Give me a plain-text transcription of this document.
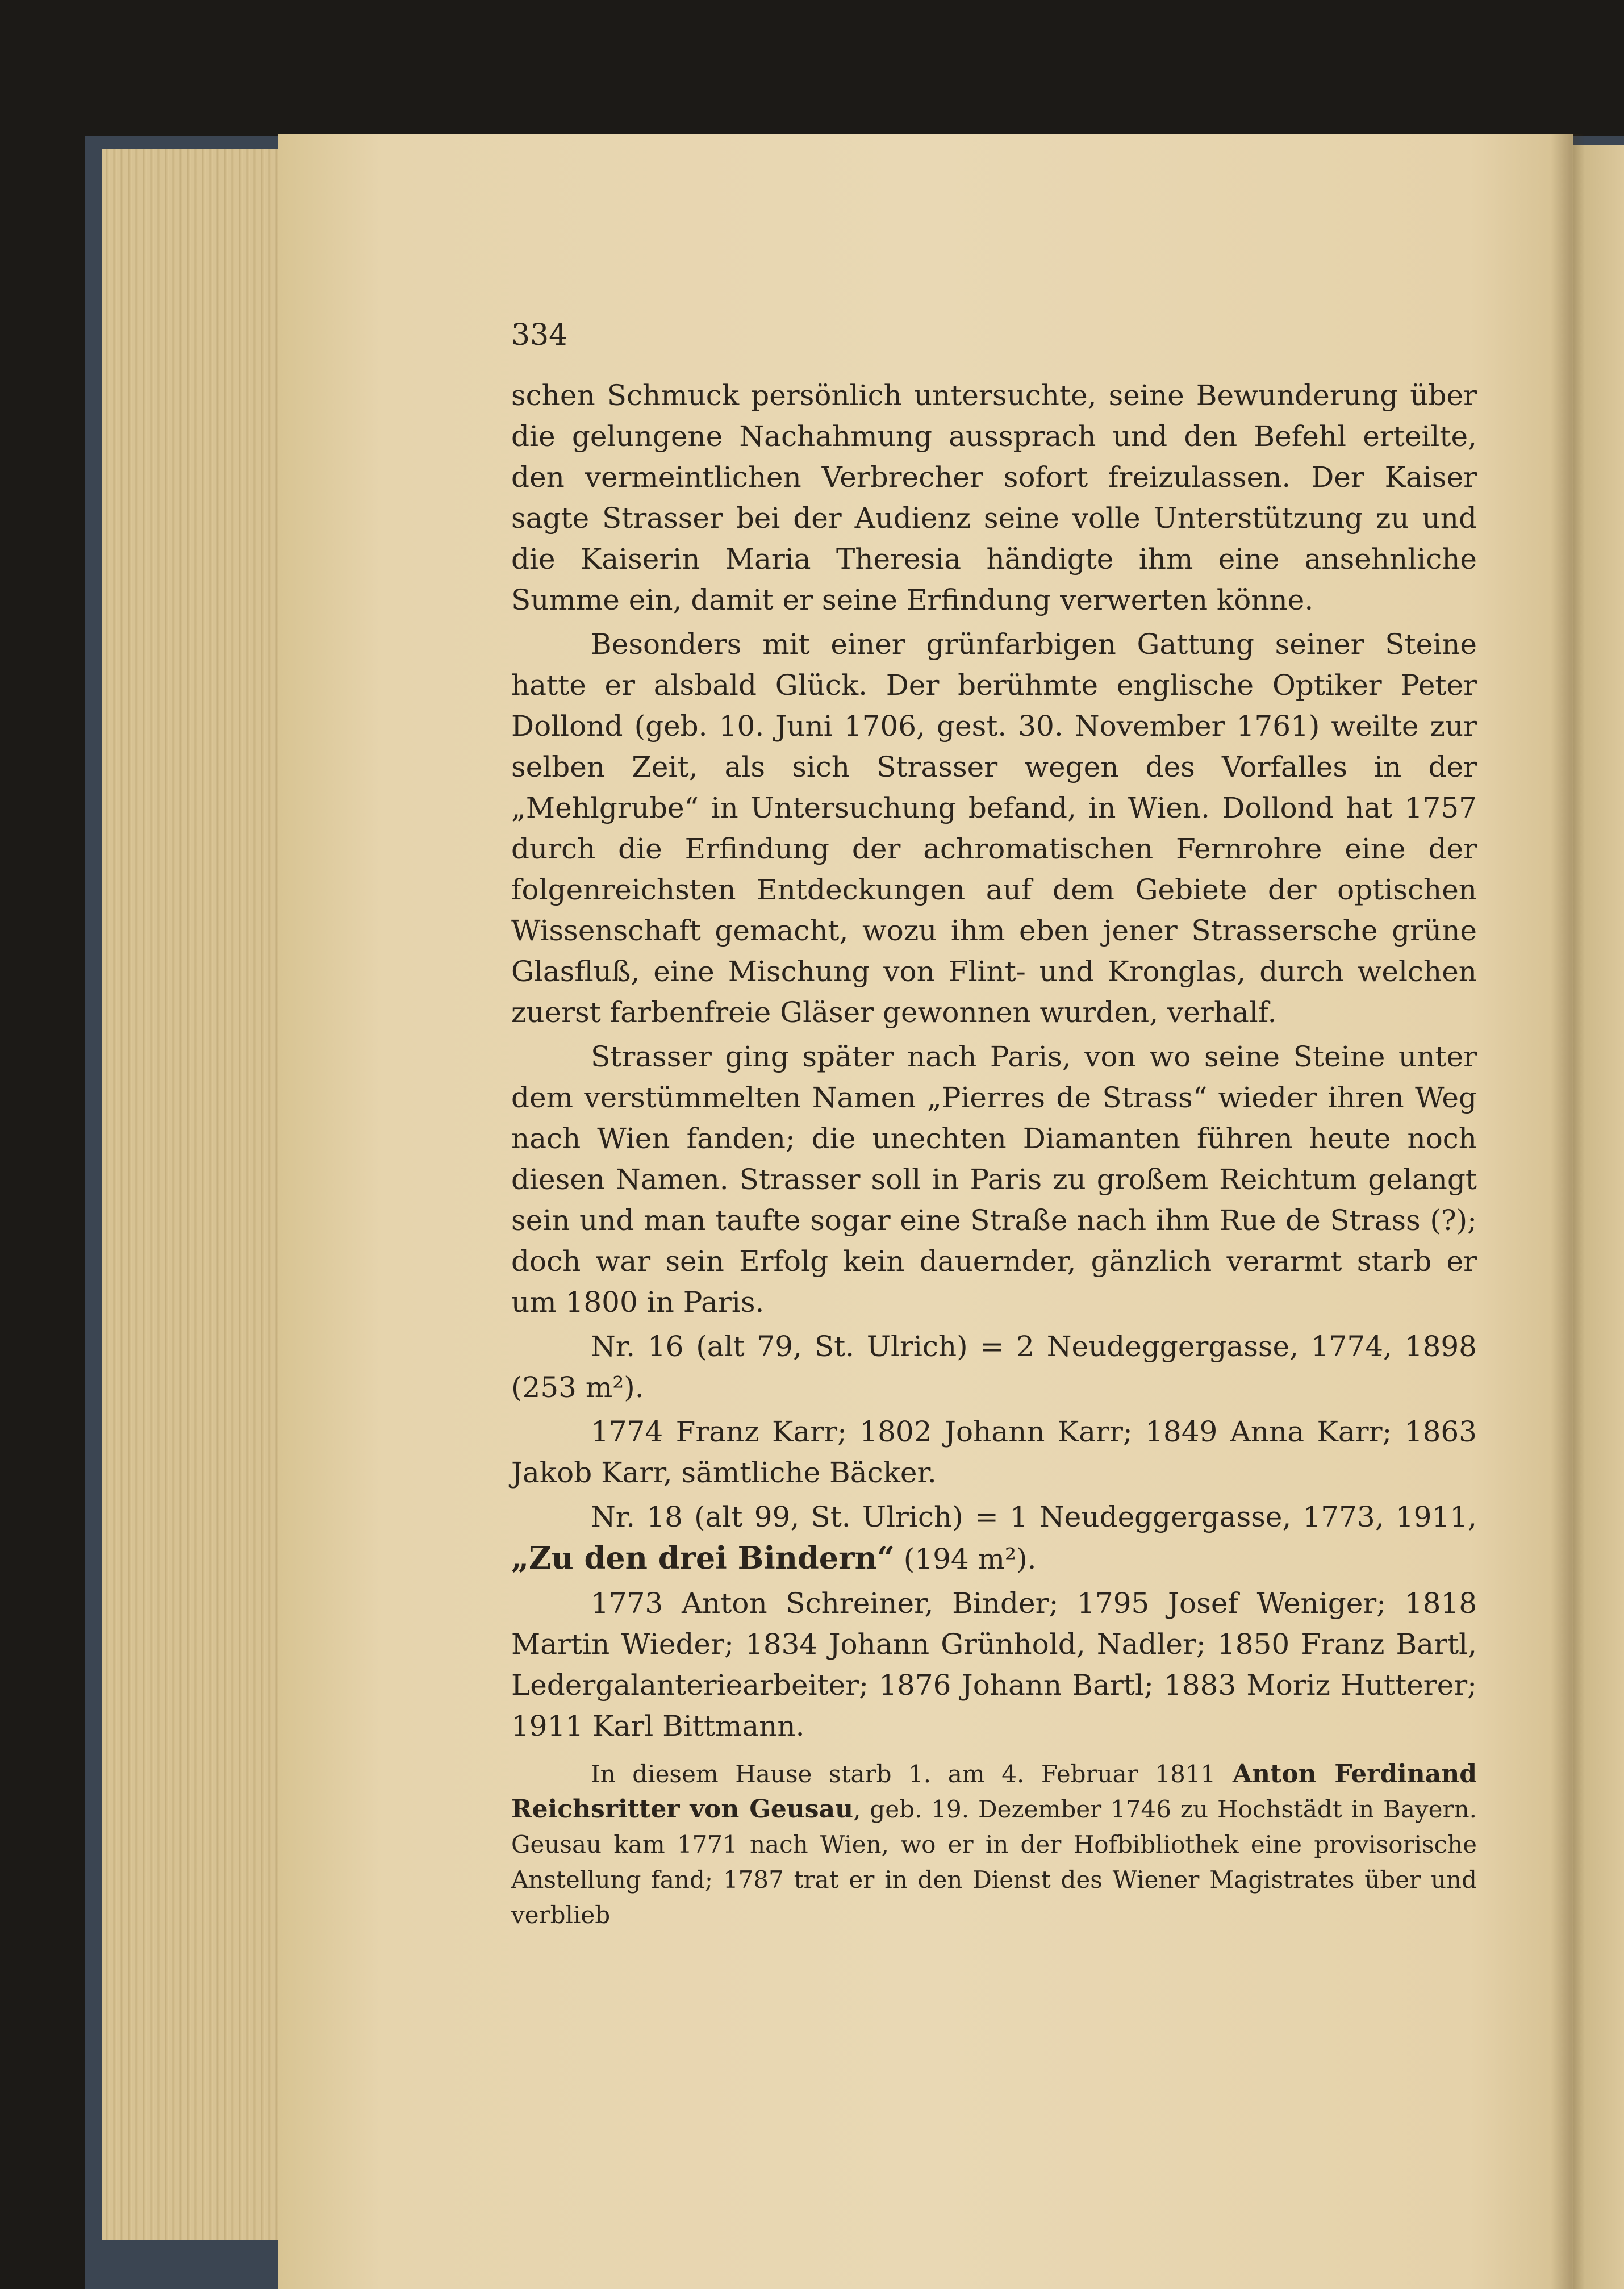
334

schen Schmuck persönlich untersuchte, seine Bewunderung über die gelungene Nachahmung aussprach und den Befehl erteilte, den vermeintlichen Verbrecher sofort freizulassen. Der Kaiser sagte Strasser bei der Audienz seine volle Unterstützung zu und die Kaiserin Maria Theresia händigte ihm eine ansehnliche Summe ein, damit er seine Erfindung verwerten könne.

Besonders mit einer grünfarbigen Gattung seiner Steine hatte er alsbald Glück. Der berühmte englische Optiker Peter Dollond (geb. 10. Juni 1706, gest. 30. November 1761) weilte zur selben Zeit, als sich Strasser wegen des Vorfalles in der „Mehlgrube“ in Untersuchung befand, in Wien. Dollond hat 1757 durch die Erfindung der achromatischen Fernrohre eine der folgenreichsten Entdeckungen auf dem Gebiete der optischen Wissenschaft gemacht, wozu ihm eben jener Strassersche grüne Glasfluß, eine Mischung von Flint- und Kronglas, durch welchen zuerst farbenfreie Gläser gewonnen wurden, verhalf.

Strasser ging später nach Paris, von wo seine Steine unter dem verstümmelten Namen „Pierres de Strass“ wieder ihren Weg nach Wien fanden; die unechten Diamanten führen heute noch diesen Namen. Strasser soll in Paris zu großem Reichtum gelangt sein und man taufte sogar eine Straße nach ihm Rue de Strass (?); doch war sein Erfolg kein dauernder, gänzlich verarmt starb er um 1800 in Paris.

Nr. 16 (alt 79, St. Ulrich) = 2 Neudeggergasse, 1774, 1898 (253 m²).

1774 Franz Karr; 1802 Johann Karr; 1849 Anna Karr; 1863 Jakob Karr, sämtliche Bäcker.

Nr. 18 (alt 99, St. Ulrich) = 1 Neudeggergasse, 1773, 1911, „Zu den drei Bindern“ (194 m²).

1773 Anton Schreiner, Binder; 1795 Josef Weniger; 1818 Martin Wieder; 1834 Johann Grünhold, Nadler; 1850 Franz Bartl, Ledergalanteriearbeiter; 1876 Johann Bartl; 1883 Moriz Hutterer; 1911 Karl Bittmann.

In diesem Hause starb 1. am 4. Februar 1811 Anton Ferdinand Reichsritter von Geusau, geb. 19. Dezember 1746 zu Hochstädt in Bayern. Geusau kam 1771 nach Wien, wo er in der Hofbibliothek eine provisorische Anstellung fand; 1787 trat er in den Dienst des Wiener Magistrates über und verblieb
